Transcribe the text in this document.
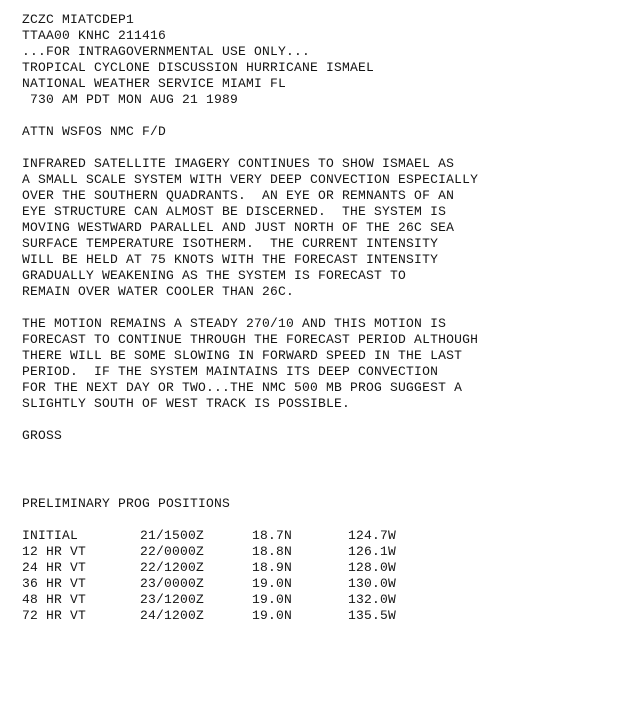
ZCZC MIATCDEP1
TTAA00 KNHC 211416
...FOR INTRAGOVERNMENTAL USE ONLY...
TROPICAL CYCLONE DISCUSSION HURRICANE ISMAEL
NATIONAL WEATHER SERVICE MIAMI FL
730 AM PDT MON AUG 21 1989
ATTN WSFOS NMC F/D
INFRARED SATELLITE IMAGERY CONTINUES TO SHOW ISMAEL AS
A SMALL SCALE SYSTEM WITH VERY DEEP CONVECTION ESPECIALLY
OVER THE SOUTHERN QUADRANTS.  AN EYE OR REMNANTS OF AN
EYE STRUCTURE CAN ALMOST BE DISCERNED.  THE SYSTEM IS
MOVING WESTWARD PARALLEL AND JUST NORTH OF THE 26C SEA
SURFACE TEMPERATURE ISOTHERM.  THE CURRENT INTENSITY
WILL BE HELD AT 75 KNOTS WITH THE FORECAST INTENSITY
GRADUALLY WEAKENING AS THE SYSTEM IS FORECAST TO
REMAIN OVER WATER COOLER THAN 26C.
THE MOTION REMAINS A STEADY 270/10 AND THIS MOTION IS
FORECAST TO CONTINUE THROUGH THE FORECAST PERIOD ALTHOUGH
THERE WILL BE SOME SLOWING IN FORWARD SPEED IN THE LAST
PERIOD.  IF THE SYSTEM MAINTAINS ITS DEEP CONVECTION
FOR THE NEXT DAY OR TWO...THE NMC 500 MB PROG SUGGEST A
SLIGHTLY SOUTH OF WEST TRACK IS POSSIBLE.
GROSS
PRELIMINARY PROG POSITIONS
INITIAL	21/1500Z	18.7N	124.7W
12 HR VT	22/0000Z	18.8N	126.1W
24 HR VT	22/1200Z	18.9N	128.0W
36 HR VT	23/0000Z	19.0N	130.0W
48 HR VT	23/1200Z	19.0N	132.0W
72 HR VT	24/1200Z	19.0N	135.5W
